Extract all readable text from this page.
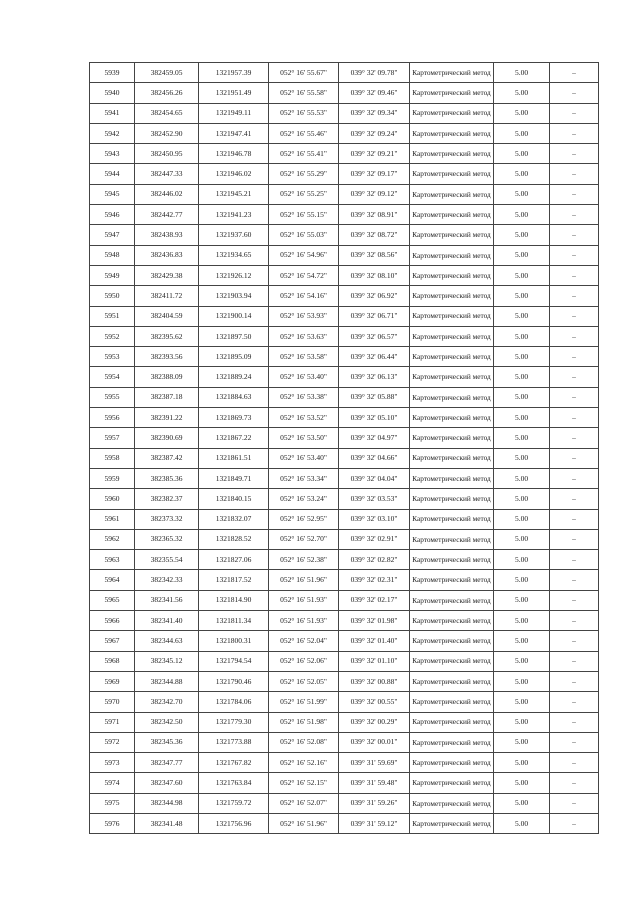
5939	382459.05	1321957.39	052° 16' 55.67"	039° 32' 09.78"	Картометрический метод	5.00	–
5940	382456.26	1321951.49	052° 16' 55.58"	039° 32' 09.46"	Картометрический метод	5.00	–
5941	382454.65	1321949.11	052° 16' 55.53"	039° 32' 09.34"	Картометрический метод	5.00	–
5942	382452.90	1321947.41	052° 16' 55.46"	039° 32' 09.24"	Картометрический метод	5.00	–
5943	382450.95	1321946.78	052° 16' 55.41"	039° 32' 09.21"	Картометрический метод	5.00	–
5944	382447.33	1321946.02	052° 16' 55.29"	039° 32' 09.17"	Картометрический метод	5.00	–
5945	382446.02	1321945.21	052° 16' 55.25"	039° 32' 09.12"	Картометрический метод	5.00	–
5946	382442.77	1321941.23	052° 16' 55.15"	039° 32' 08.91"	Картометрический метод	5.00	–
5947	382438.93	1321937.60	052° 16' 55.03"	039° 32' 08.72"	Картометрический метод	5.00	–
5948	382436.83	1321934.65	052° 16' 54.96"	039° 32' 08.56"	Картометрический метод	5.00	–
5949	382429.38	1321926.12	052° 16' 54.72"	039° 32' 08.10"	Картометрический метод	5.00	–
5950	382411.72	1321903.94	052° 16' 54.16"	039° 32' 06.92"	Картометрический метод	5.00	–
5951	382404.59	1321900.14	052° 16' 53.93"	039° 32' 06.71"	Картометрический метод	5.00	–
5952	382395.62	1321897.50	052° 16' 53.63"	039° 32' 06.57"	Картометрический метод	5.00	–
5953	382393.56	1321895.09	052° 16' 53.58"	039° 32' 06.44"	Картометрический метод	5.00	–
5954	382388.09	1321889.24	052° 16' 53.40"	039° 32' 06.13"	Картометрический метод	5.00	–
5955	382387.18	1321884.63	052° 16' 53.38"	039° 32' 05.88"	Картометрический метод	5.00	–
5956	382391.22	1321869.73	052° 16' 53.52"	039° 32' 05.10"	Картометрический метод	5.00	–
5957	382390.69	1321867.22	052° 16' 53.50"	039° 32' 04.97"	Картометрический метод	5.00	–
5958	382387.42	1321861.51	052° 16' 53.40"	039° 32' 04.66"	Картометрический метод	5.00	–
5959	382385.36	1321849.71	052° 16' 53.34"	039° 32' 04.04"	Картометрический метод	5.00	–
5960	382382.37	1321840.15	052° 16' 53.24"	039° 32' 03.53"	Картометрический метод	5.00	–
5961	382373.32	1321832.07	052° 16' 52.95"	039° 32' 03.10"	Картометрический метод	5.00	–
5962	382365.32	1321828.52	052° 16' 52.70"	039° 32' 02.91"	Картометрический метод	5.00	–
5963	382355.54	1321827.06	052° 16' 52.38"	039° 32' 02.82"	Картометрический метод	5.00	–
5964	382342.33	1321817.52	052° 16' 51.96"	039° 32' 02.31"	Картометрический метод	5.00	–
5965	382341.56	1321814.90	052° 16' 51.93"	039° 32' 02.17"	Картометрический метод	5.00	–
5966	382341.40	1321811.34	052° 16' 51.93"	039° 32' 01.98"	Картометрический метод	5.00	–
5967	382344.63	1321800.31	052° 16' 52.04"	039° 32' 01.40"	Картометрический метод	5.00	–
5968	382345.12	1321794.54	052° 16' 52.06"	039° 32' 01.10"	Картометрический метод	5.00	–
5969	382344.88	1321790.46	052° 16' 52.05"	039° 32' 00.88"	Картометрический метод	5.00	–
5970	382342.70	1321784.06	052° 16' 51.99"	039° 32' 00.55"	Картометрический метод	5.00	–
5971	382342.50	1321779.30	052° 16' 51.98"	039° 32' 00.29"	Картометрический метод	5.00	–
5972	382345.36	1321773.88	052° 16' 52.08"	039° 32' 00.01"	Картометрический метод	5.00	–
5973	382347.77	1321767.82	052° 16' 52.16"	039° 31' 59.69"	Картометрический метод	5.00	–
5974	382347.60	1321763.84	052° 16' 52.15"	039° 31' 59.48"	Картометрический метод	5.00	–
5975	382344.98	1321759.72	052° 16' 52.07"	039° 31' 59.26"	Картометрический метод	5.00	–
5976	382341.48	1321756.96	052° 16' 51.96"	039° 31' 59.12"	Картометрический метод	5.00	–
